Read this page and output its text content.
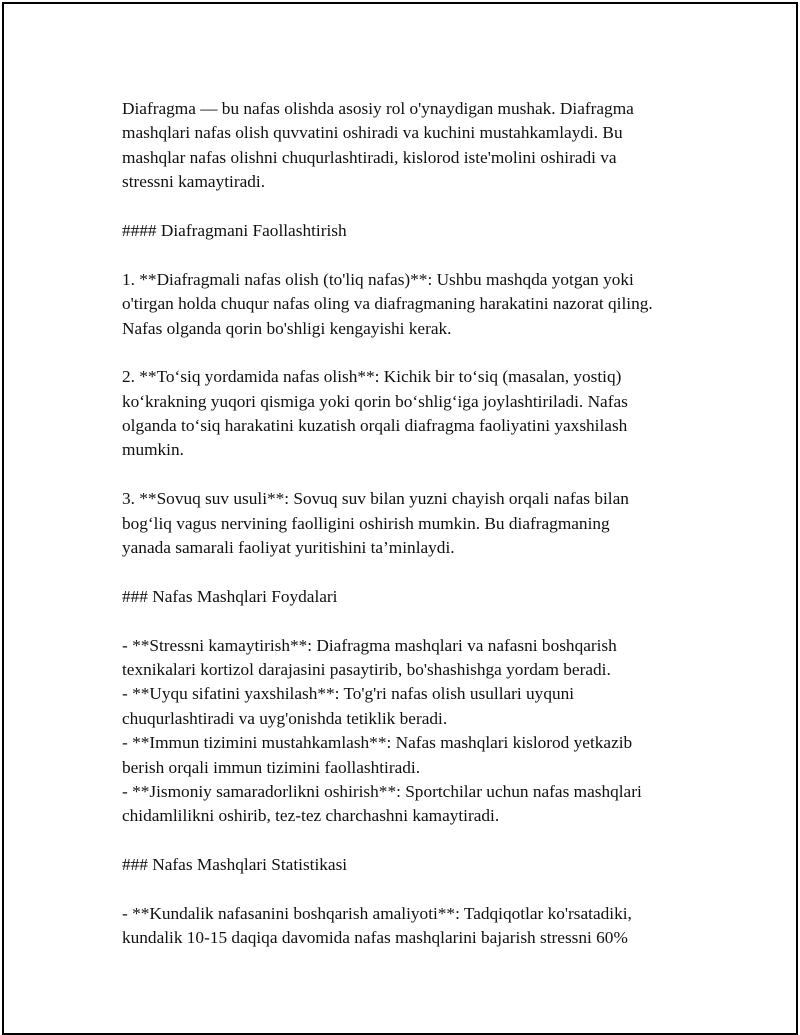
Diafragma — bu nafas olishda asosiy rol o'ynaydigan mushak. Diafragma
mashqlari nafas olish quvvatini oshiradi va kuchini mustahkamlaydi. Bu
mashqlar nafas olishni chuqurlashtiradi, kislorod iste'molini oshiradi va
stressni kamaytiradi.
#### Diafragmani Faollashtirish
1. **Diafragmali nafas olish (to'liq nafas)**: Ushbu mashqda yotgan yoki
o'tirgan holda chuqur nafas oling va diafragmaning harakatini nazorat qiling.
Nafas olganda qorin bo'shligi kengayishi kerak.
2. **To‘siq yordamida nafas olish**: Kichik bir to‘siq (masalan, yostiq)
ko‘krakning yuqori qismiga yoki qorin bo‘shlig‘iga joylashtiriladi. Nafas
olganda to‘siq harakatini kuzatish orqali diafragma faoliyatini yaxshilash
mumkin.
3. **Sovuq suv usuli**: Sovuq suv bilan yuzni chayish orqali nafas bilan
bog‘liq vagus nervining faolligini oshirish mumkin. Bu diafragmaning
yanada samarali faoliyat yuritishini ta’minlaydi.
### Nafas Mashqlari Foydalari
- **Stressni kamaytirish**: Diafragma mashqlari va nafasni boshqarish
texnikalari kortizol darajasini pasaytirib, bo'shashishga yordam beradi.
- **Uyqu sifatini yaxshilash**: To'g'ri nafas olish usullari uyquni
chuqurlashtiradi va uyg'onishda tetiklik beradi.
- **Immun tizimini mustahkamlash**: Nafas mashqlari kislorod yetkazib
berish orqali immun tizimini faollashtiradi.
- **Jismoniy samaradorlikni oshirish**: Sportchilar uchun nafas mashqlari
chidamlilikni oshirib, tez-tez charchashni kamaytiradi.
### Nafas Mashqlari Statistikasi
- **Kundalik nafasanini boshqarish amaliyoti**: Tadqiqotlar ko'rsatadiki,
kundalik 10-15 daqiqa davomida nafas mashqlarini bajarish stressni 60%
